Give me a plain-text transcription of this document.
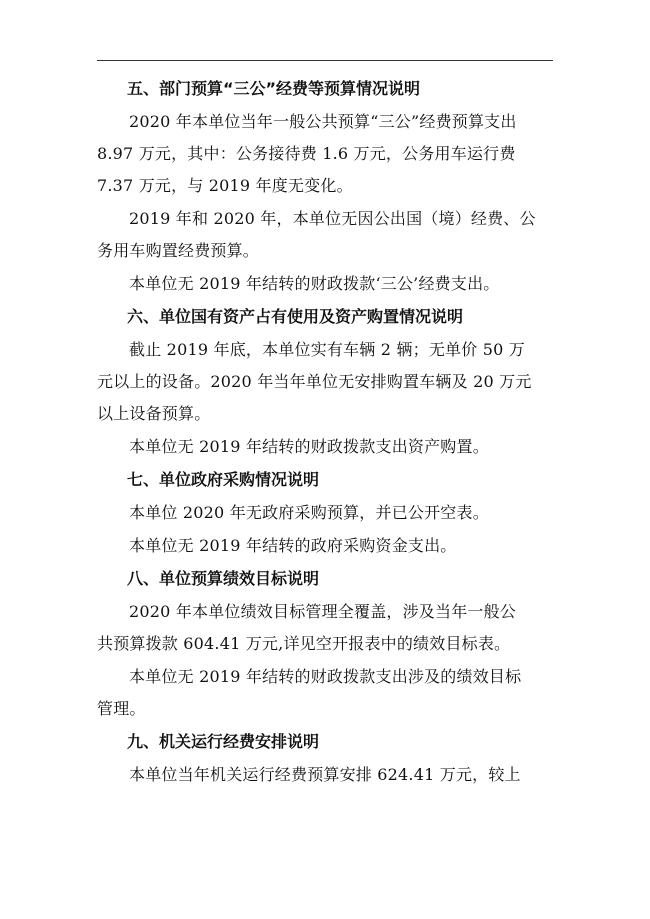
五、部门预算“三公”经费等预算情况说明

2020 年本单位当年一般公共预算“三公”经费预算支出
8.97 万元，其中：公务接待费 1.6 万元，公务用车运行费
7.37 万元，与 2019 年度无变化。

2019 年和 2020 年，本单位无因公出国（境）经费、公
务用车购置经费预算。

本单位无 2019 年结转的财政拨款‘三公’经费支出。

六、单位国有资产占有使用及资产购置情况说明

截止 2019 年底，本单位实有车辆 2 辆；无单价 50 万
元以上的设备。2020 年当年单位无安排购置车辆及 20 万元
以上设备预算。

本单位无 2019 年结转的财政拨款支出资产购置。

七、单位政府采购情况说明

本单位 2020 年无政府采购预算，并已公开空表。

本单位无 2019 年结转的政府采购资金支出。

八、单位预算绩效目标说明

2020 年本单位绩效目标管理全覆盖，涉及当年一般公
共预算拨款 604.41 万元,详见空开报表中的绩效目标表。

本单位无 2019 年结转的财政拨款支出涉及的绩效目标
管理。

九、机关运行经费安排说明

本单位当年机关运行经费预算安排 624.41 万元，较上
